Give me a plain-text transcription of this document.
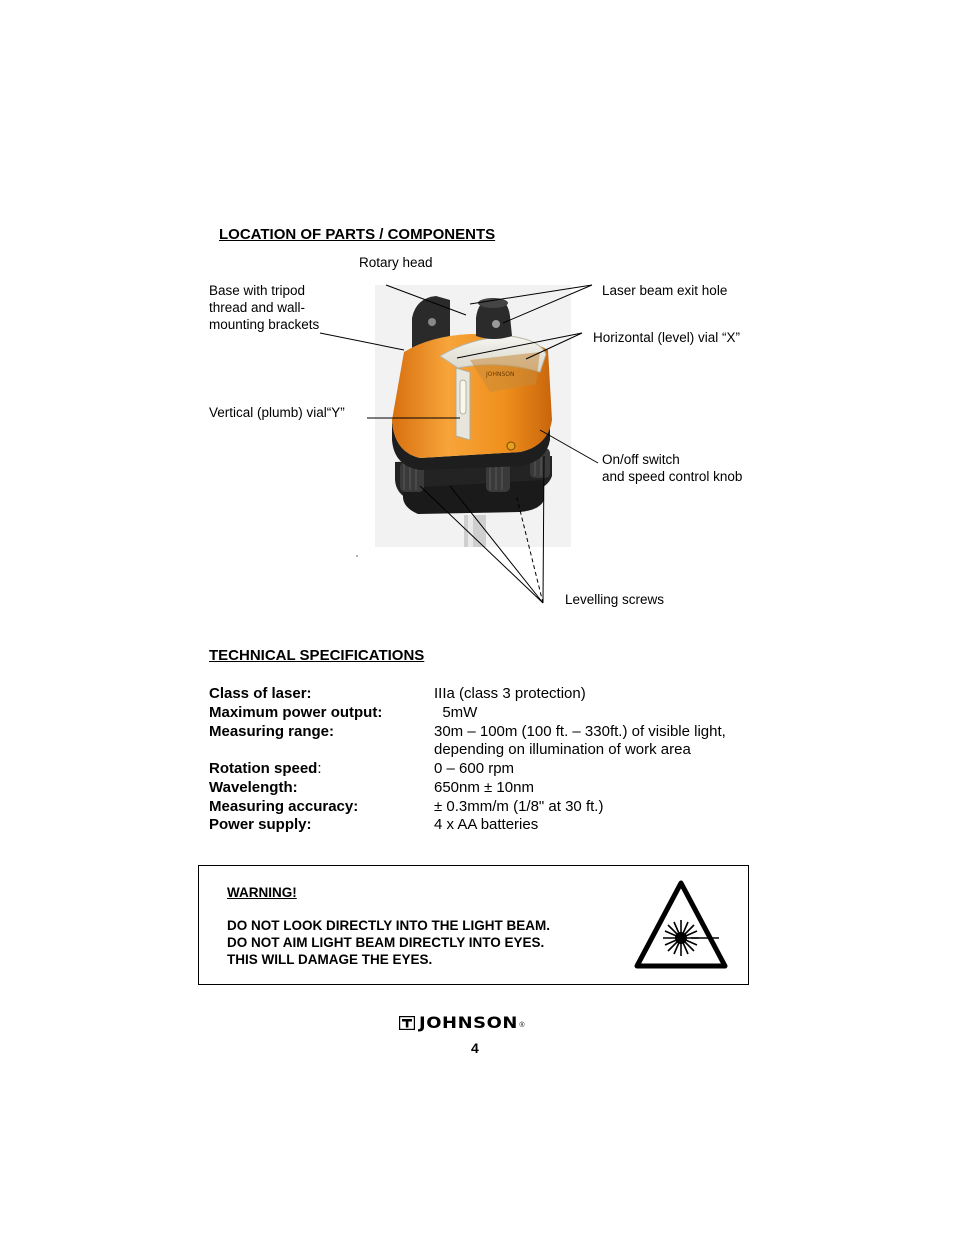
LOCATION OF PARTS / COMPONENTS
Rotary head
Base with tripod
thread and wall-
mounting brackets
Laser beam exit hole
Horizontal (level) vial “X”
Vertical (plumb) vial“Y”
On/off switch
and speed control knob
Levelling screws
JOHNSON
TECHNICAL SPECIFICATIONS
Class of laser:	IIIa (class 3 protection)
Maximum power output:	5mW
Measuring range:	30m – 100m (100 ft. – 330ft.) of visible light,
depending on illumination of work area
Rotation speed:	0 – 600 rpm
Wavelength:	650nm ± 10nm
Measuring accuracy:	± 0.3mm/m (1/8" at 30 ft.)
Power supply:	4 x AA batteries
WARNING!
DO NOT LOOK DIRECTLY INTO THE LIGHT BEAM.
DO NOT AIM LIGHT BEAM DIRECTLY INTO EYES.
THIS WILL DAMAGE THE EYES.
JOHNSON ®
4
